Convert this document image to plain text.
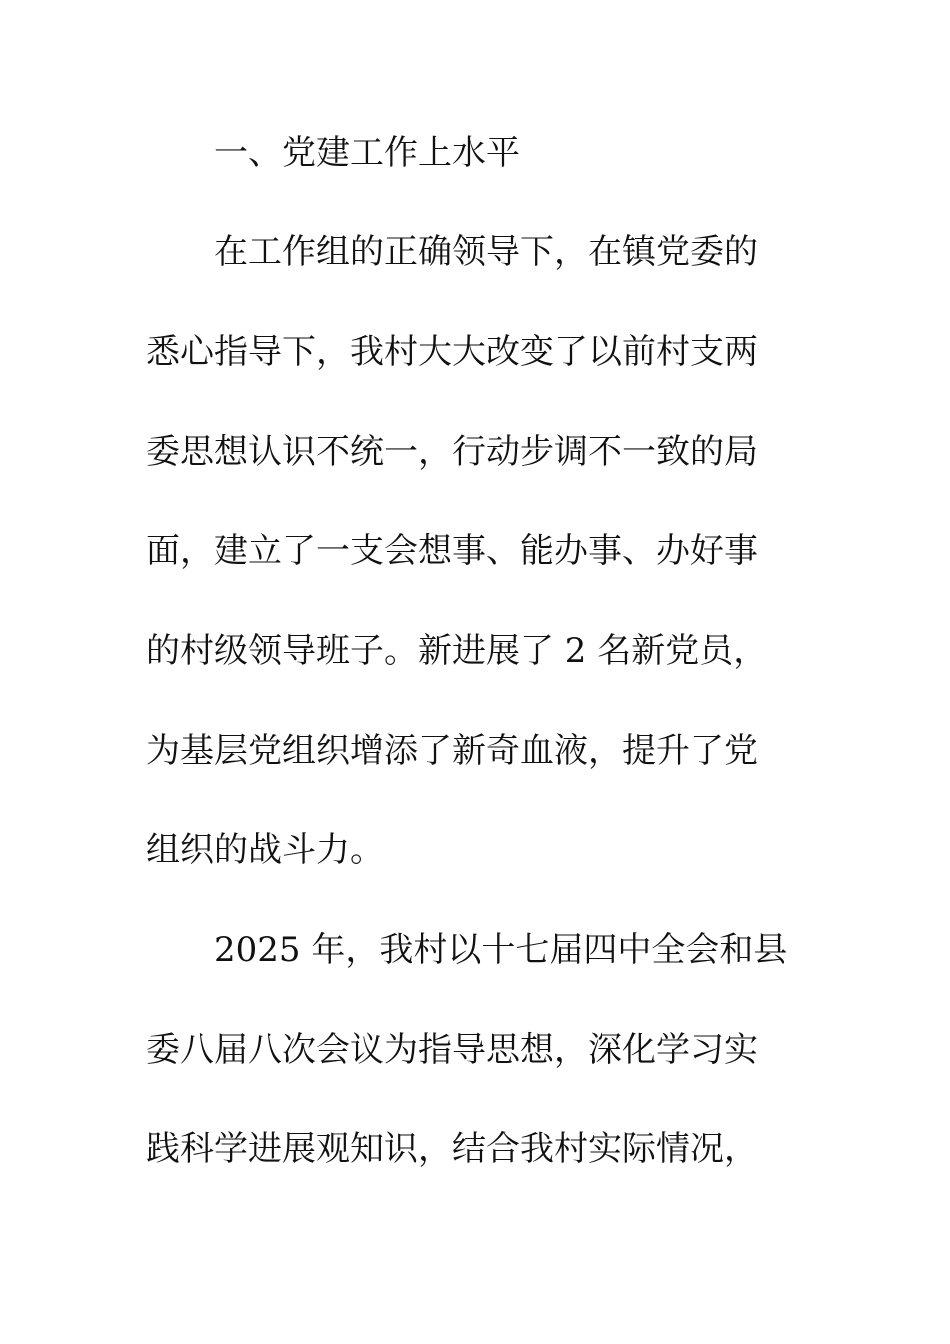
一、党建工作上水平
在工作组的正确领导下，在镇党委的
悉心指导下，我村大大改变了以前村支两
委思想认识不统一，行动步调不一致的局
面，建立了一支会想事、能办事、办好事
的村级领导班子。新进展了 2 名新党员，
为基层党组织增添了新奇血液，提升了党
组织的战斗力。
2025 年，我村以十七届四中全会和县
委八届八次会议为指导思想，深化学习实
践科学进展观知识，结合我村实际情况，
